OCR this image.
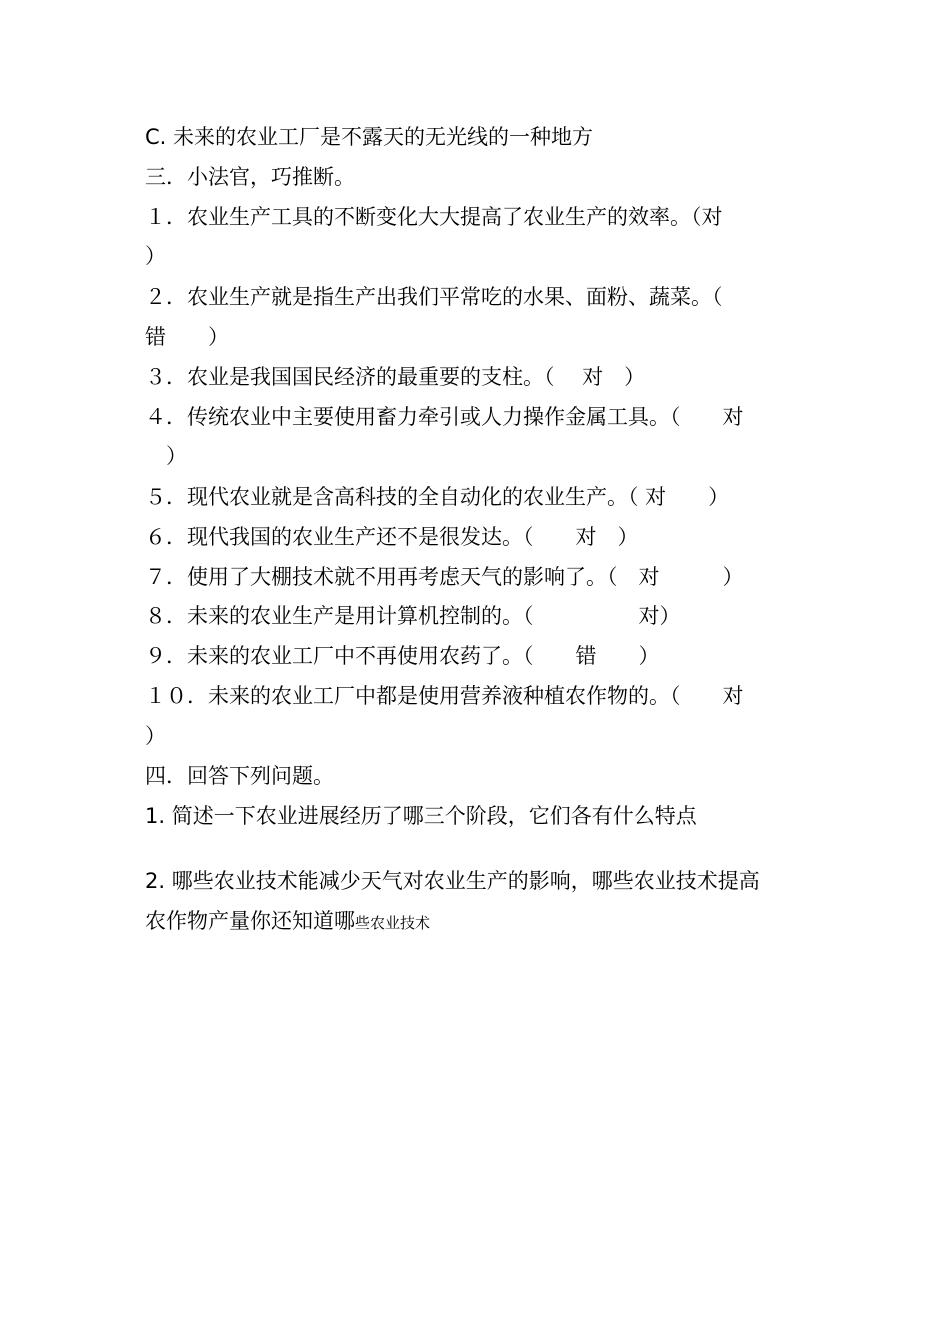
C. 未来的农业工厂是不露天的无光线的一种地方
三．小法官，巧推断。
１．农业生产工具的不断变化大大提高了农业生产的效率。（对
）
２．农业生产就是指生产出我们平常吃的水果、面粉、蔬菜。（
错　　）
３．农业是我国国民经济的最重要的支柱。（　 对　）
４．传统农业中主要使用畜力牵引或人力操作金属工具。（　　对
　）
５．现代农业就是含高科技的全自动化的农业生产。（ 对　　）
６．现代我国的农业生产还不是很发达。（　　对　）
７．使用了大棚技术就不用再考虑天气的影响了。（　对　　　）
８．未来的农业生产是用计算机控制的。（　　　　　对）
９．未来的农业工厂中不再使用农药了。（　　错　　）
１０．未来的农业工厂中都是使用营养液种植农作物的。（　　对
）
四．回答下列问题。
1. 简述一下农业进展经历了哪三个阶段，它们各有什么特点
2. 哪些农业技术能减少天气对农业生产的影响，哪些农业技术提高
农作物产量你还知道哪些农业技术
